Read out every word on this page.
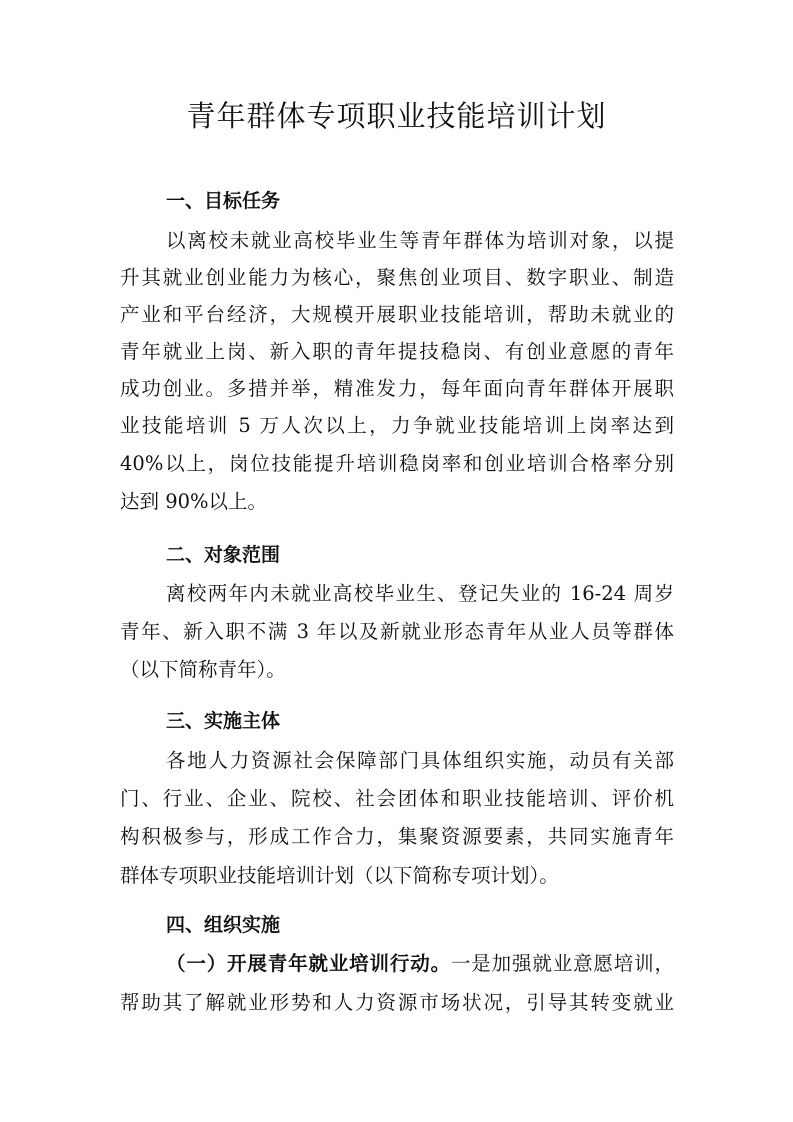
青年群体专项职业技能培训计划
一、目标任务

以离校未就业高校毕业生等青年群体为培训对象，以提

升其就业创业能力为核心，聚焦创业项目、数字职业、制造

产业和平台经济，大规模开展职业技能培训，帮助未就业的

青年就业上岗、新入职的青年提技稳岗、有创业意愿的青年

成功创业。多措并举，精准发力，每年面向青年群体开展职

业技能培训 5 万人次以上，力争就业技能培训上岗率达到

40%以上，岗位技能提升培训稳岗率和创业培训合格率分别

达到 90%以上。

二、对象范围

离校两年内未就业高校毕业生、登记失业的 16-24 周岁

青年、新入职不满 3 年以及新就业形态青年从业人员等群体

（以下简称青年）。

三、实施主体

各地人力资源社会保障部门具体组织实施，动员有关部

门、行业、企业、院校、社会团体和职业技能培训、评价机

构积极参与，形成工作合力，集聚资源要素，共同实施青年

群体专项职业技能培训计划（以下简称专项计划）。

四、组织实施

（一）开展青年就业培训行动。一是加强就业意愿培训，

帮助其了解就业形势和人力资源市场状况，引导其转变就业
